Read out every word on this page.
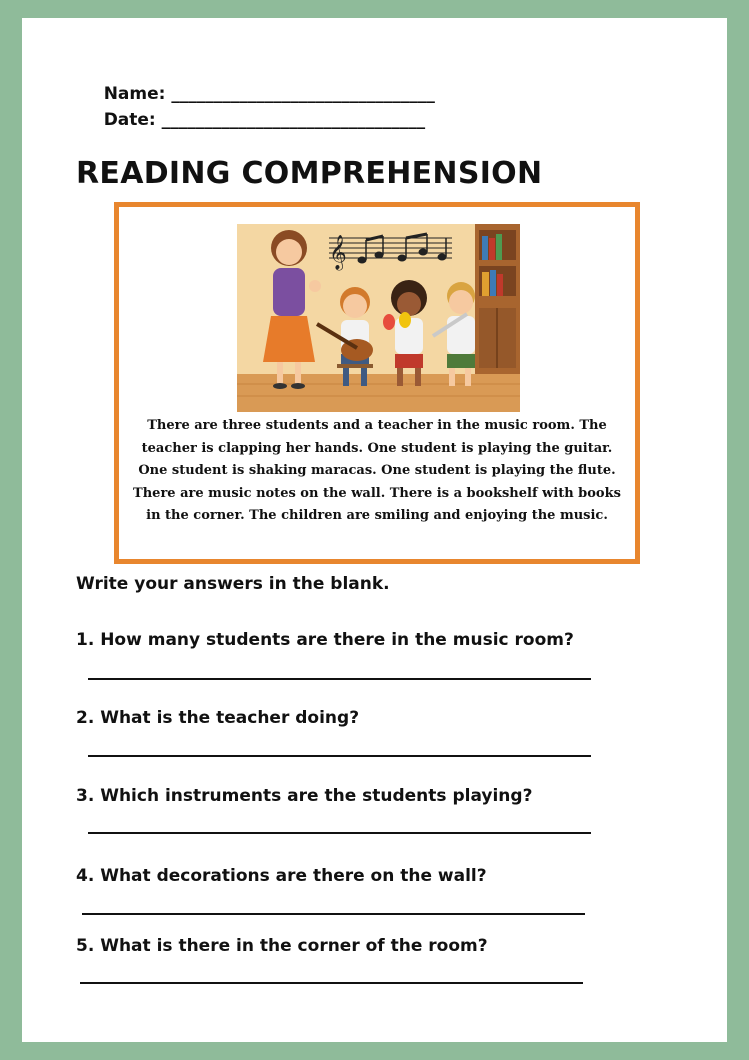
Name: _______________________________

Date: _______________________________

READING COMPREHENSION
𝄞
There are three students and a teacher in the music room. The teacher is clapping her hands. One student is playing the guitar. One student is shaking maracas. One student is playing the flute. There are music notes on the wall. There is a bookshelf with books in the corner. The children are smiling and enjoying the music.
Write your answers in the blank.
1. How many students are there in the music room?
2. What is the teacher doing?
3. Which instruments are the students playing?
4. What decorations are there on the wall?
5. What is there in the corner of the room?
